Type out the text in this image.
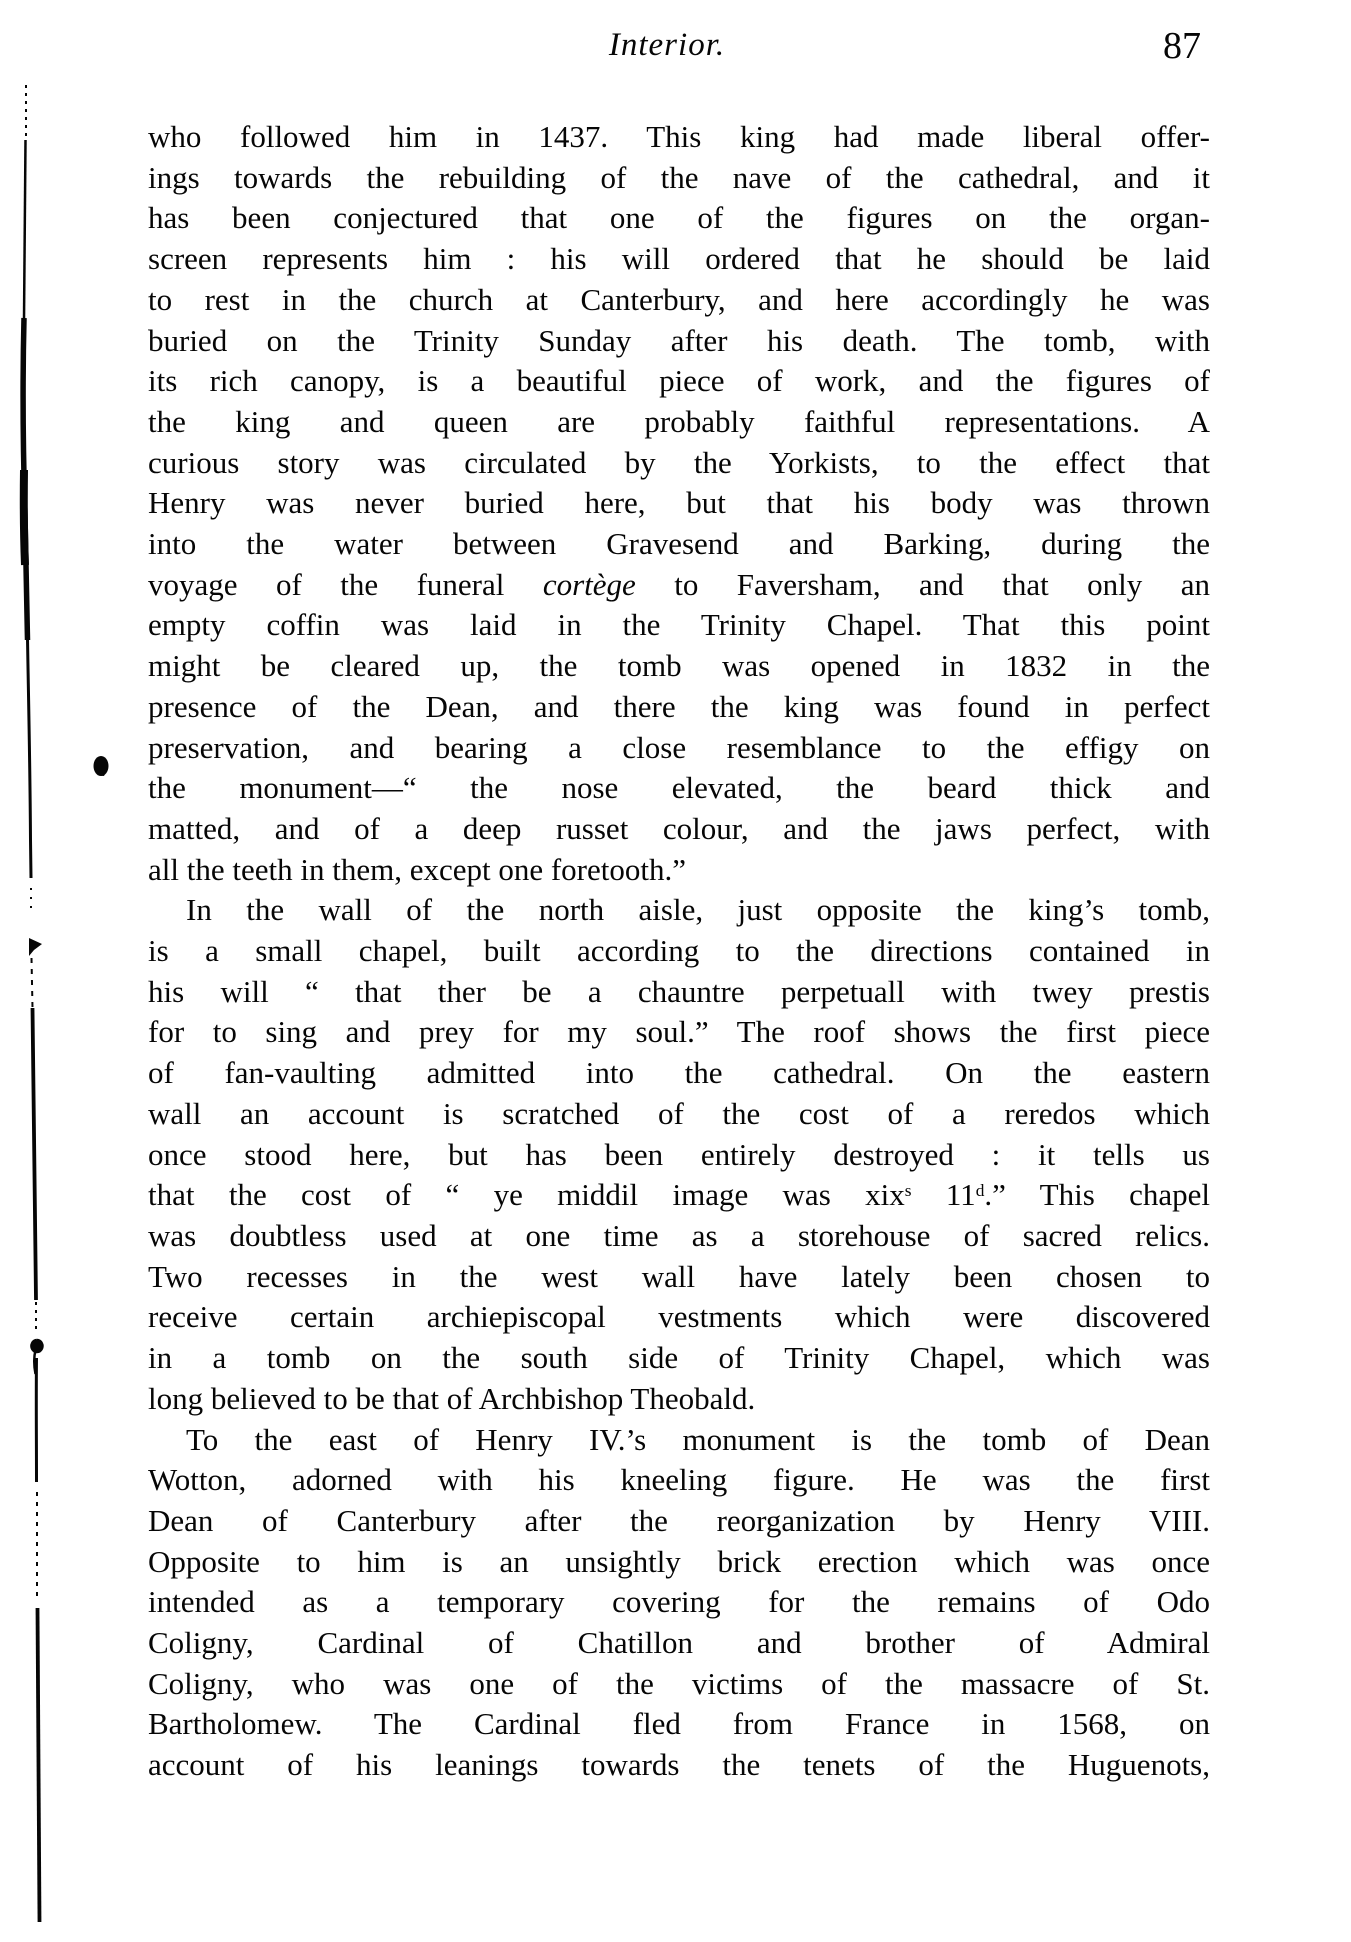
Interior.	87
who followed him in 1437. This king had made liberal offer-
ings towards the rebuilding of the nave of the cathedral, and it
has been conjectured that one of the figures on the organ-
screen represents him : his will ordered that he should be laid
to rest in the church at Canterbury, and here accordingly he was
buried on the Trinity Sunday after his death. The tomb, with
its rich canopy, is a beautiful piece of work, and the figures of
the king and queen are probably faithful representations. A
curious story was circulated by the Yorkists, to the effect that
Henry was never buried here, but that his body was thrown
into the water between Gravesend and Barking, during the
voyage of the funeral cortège to Faversham, and that only an
empty coffin was laid in the Trinity Chapel. That this point
might be cleared up, the tomb was opened in 1832 in the
presence of the Dean, and there the king was found in perfect
preservation, and bearing a close resemblance to the effigy on
the monument—“ the nose elevated, the beard thick and
matted, and of a deep russet colour, and the jaws perfect, with
all the teeth in them, except one foretooth.”
In the wall of the north aisle, just opposite the king’s tomb,
is a small chapel, built according to the directions contained in
his will “ that ther be a chauntre perpetuall with twey prestis
for to sing and prey for my soul.” The roof shows the first piece
of fan-vaulting admitted into the cathedral. On the eastern
wall an account is scratched of the cost of a reredos which
once stood here, but has been entirely destroyed : it tells us
that the cost of “ ye middil image was xix$^s$ 11$^d$.” This chapel
was doubtless used at one time as a storehouse of sacred relics.
Two recesses in the west wall have lately been chosen to
receive certain archiepiscopal vestments which were discovered
in a tomb on the south side of Trinity Chapel, which was
long believed to be that of Archbishop Theobald.
To the east of Henry IV.’s monument is the tomb of Dean
Wotton, adorned with his kneeling figure. He was the first
Dean of Canterbury after the reorganization by Henry VIII.
Opposite to him is an unsightly brick erection which was once
intended as a temporary covering for the remains of Odo
Coligny, Cardinal of Chatillon and brother of Admiral
Coligny, who was one of the victims of the massacre of St.
Bartholomew. The Cardinal fled from France in 1568, on
account of his leanings towards the tenets of the Huguenots,
